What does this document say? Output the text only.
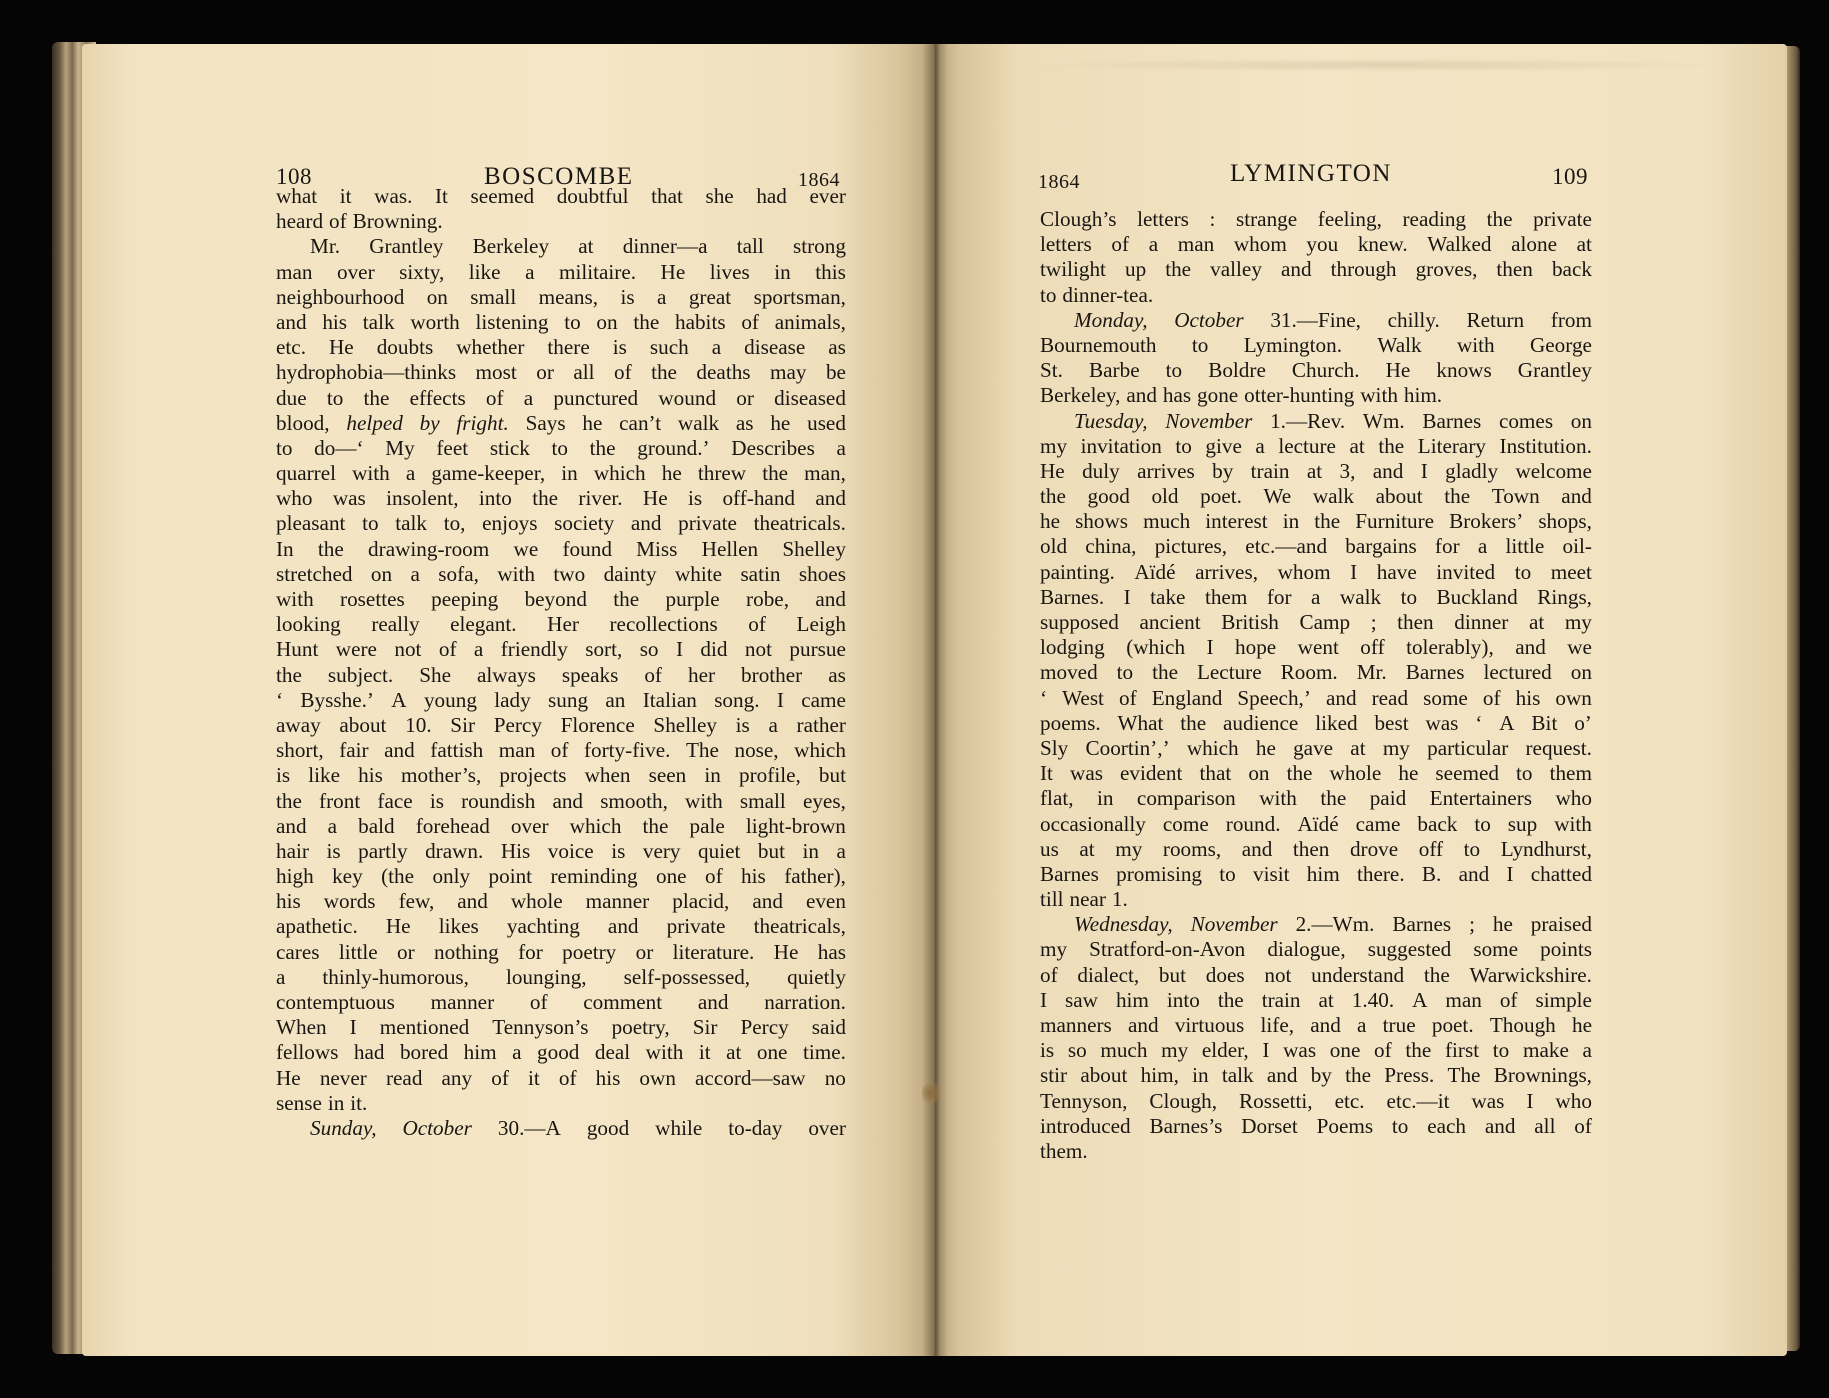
108	BOSCOMBE	1864
what it was. It seemed doubtful that she had ever
heard of Browning.
Mr. Grantley Berkeley at dinner—a tall strong
man over sixty, like a militaire. He lives in this
neighbourhood on small means, is a great sportsman,
and his talk worth listening to on the habits of animals,
etc. He doubts whether there is such a disease as
hydrophobia—thinks most or all of the deaths may be
due to the effects of a punctured wound or diseased
blood, helped by fright. Says he can’t walk as he used
to do—‘ My feet stick to the ground.’ Describes a
quarrel with a game-keeper, in which he threw the man,
who was insolent, into the river. He is off-hand and
pleasant to talk to, enjoys society and private theatricals.
In the drawing-room we found Miss Hellen Shelley
stretched on a sofa, with two dainty white satin shoes
with rosettes peeping beyond the purple robe, and
looking really elegant. Her recollections of Leigh
Hunt were not of a friendly sort, so I did not pursue
the subject. She always speaks of her brother as
‘ Bysshe.’ A young lady sung an Italian song. I came
away about 10. Sir Percy Florence Shelley is a rather
short, fair and fattish man of forty-five. The nose, which
is like his mother’s, projects when seen in profile, but
the front face is roundish and smooth, with small eyes,
and a bald forehead over which the pale light-brown
hair is partly drawn. His voice is very quiet but in a
high key (the only point reminding one of his father),
his words few, and whole manner placid, and even
apathetic. He likes yachting and private theatricals,
cares little or nothing for poetry or literature. He has
a thinly-humorous, lounging, self-possessed, quietly
contemptuous manner of comment and narration.
When I mentioned Tennyson’s poetry, Sir Percy said
fellows had bored him a good deal with it at one time.
He never read any of it of his own accord—saw no
sense in it.
Sunday, October 30.—A good while to-day over
1864	LYMINGTON	109
Clough’s letters : strange feeling, reading the private
letters of a man whom you knew. Walked alone at
twilight up the valley and through groves, then back
to dinner-tea.
Monday, October 31.—Fine, chilly. Return from
Bournemouth to Lymington. Walk with George
St. Barbe to Boldre Church. He knows Grantley
Berkeley, and has gone otter-hunting with him.
Tuesday, November 1.—Rev. Wm. Barnes comes on
my invitation to give a lecture at the Literary Institution.
He duly arrives by train at 3, and I gladly welcome
the good old poet. We walk about the Town and
he shows much interest in the Furniture Brokers’ shops,
old china, pictures, etc.—and bargains for a little oil-
painting. Aïdé arrives, whom I have invited to meet
Barnes. I take them for a walk to Buckland Rings,
supposed ancient British Camp ; then dinner at my
lodging (which I hope went off tolerably), and we
moved to the Lecture Room. Mr. Barnes lectured on
‘ West of England Speech,’ and read some of his own
poems. What the audience liked best was ‘ A Bit o’
Sly Coortin’,’ which he gave at my particular request.
It was evident that on the whole he seemed to them
flat, in comparison with the paid Entertainers who
occasionally come round. Aïdé came back to sup with
us at my rooms, and then drove off to Lyndhurst,
Barnes promising to visit him there. B. and I chatted
till near 1.
Wednesday, November 2.—Wm. Barnes ; he praised
my Stratford-on-Avon dialogue, suggested some points
of dialect, but does not understand the Warwickshire.
I saw him into the train at 1.40. A man of simple
manners and virtuous life, and a true poet. Though he
is so much my elder, I was one of the first to make a
stir about him, in talk and by the Press. The Brownings,
Tennyson, Clough, Rossetti, etc. etc.—it was I who
introduced Barnes’s Dorset Poems to each and all of
them.
